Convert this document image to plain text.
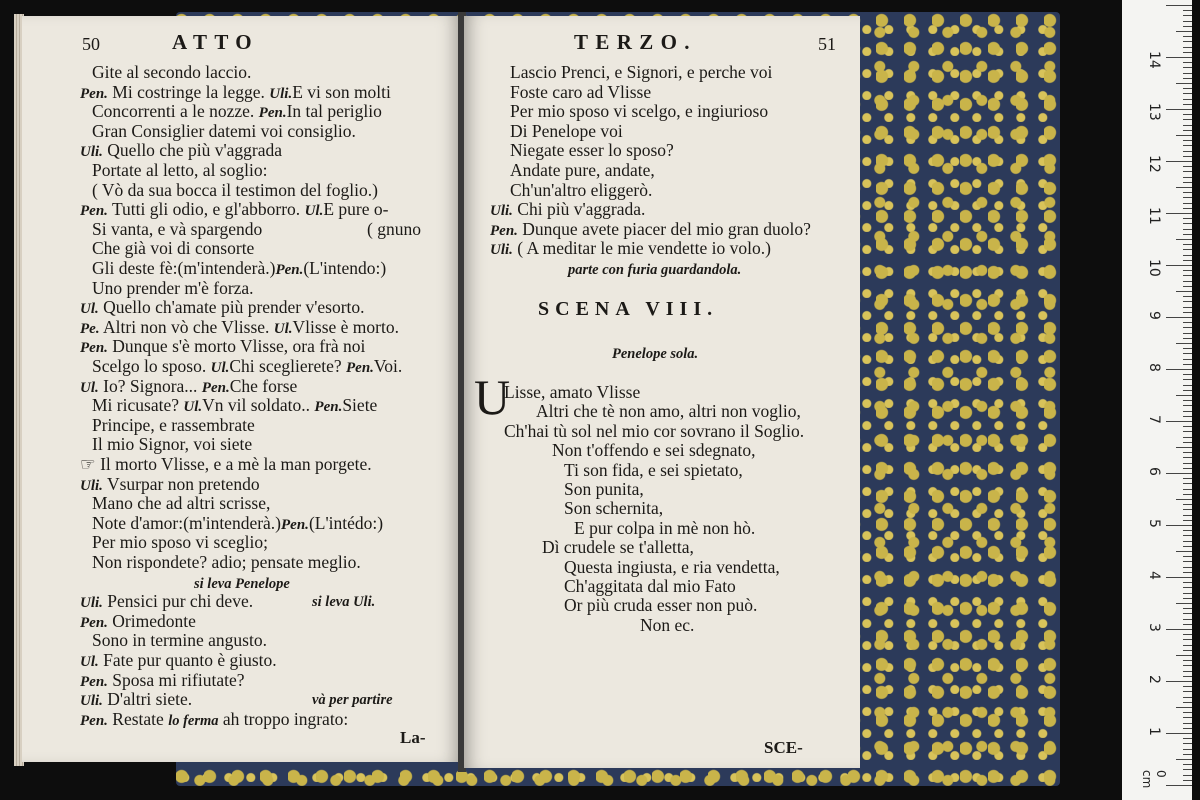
50	ATTO
La-
Gite al secondo laccio.
Pen. Mi costringe la legge. Uli.E vi son molti
Concorrenti a le nozze. Pen.In tal periglio
Gran Consiglier datemi voi consiglio.
Uli. Quello che più v'aggrada
Portate al letto, al soglio:
( Vò da sua bocca il testimon del foglio.)
Pen. Tutti gli odio, e gl'abborro. Ul.E pure o-
Si vanta, e và spargendo	( gnuno
Che già voi di consorte
Gli deste fè:(m'intenderà.)Pen.(L'intendo:)
Uno prender m'è forza.
Ul. Quello ch'amate più prender v'esorto.
Pe. Altri non vò che Vlisse. Ul.Vlisse è morto.
Pen. Dunque s'è morto Vlisse, ora frà noi
Scelgo lo sposo. Ul.Chi sceglierete? Pen.Voi.
Ul. Io? Signora... Pen.Che forse
Mi ricusate? Ul.Vn vil soldato.. Pen.Siete
Principe, e rassembrate
Il mio Signor, voi siete
☞ Il morto Vlisse, e a mè la man porgete.
Uli. Vsurpar non pretendo
Mano che ad altri scrisse,
Note d'amor:(m'intenderà.)Pen.(L'intédo:)
Per mio sposo vi sceglio;
Non rispondete? adio; pensate meglio.
si leva Penelope
Uli. Pensici pur chi deve.	si leva Uli.
Pen. Orimedonte
Sono in termine angusto.
Ul. Fate pur quanto è giusto.
Pen. Sposa mi rifiutate?
Uli. D'altri siete.	và per partire
Pen. Restate lo ferma ah troppo ingrato:
TERZO.	51
SCENA VIII.
Penelope sola.
U
SCE-
Lascio Prenci, e Signori, e perche voi
Foste caro ad Vlisse
Per mio sposo vi scelgo, e ingiurioso
Di Penelope voi
Niegate esser lo sposo?
Andate pure, andate,
Ch'un'altro eliggerò.
Uli. Chi più v'aggrada.
Pen. Dunque avete piacer del mio gran duolo?
Uli. ( A meditar le mie vendette io volo.)
parte con furia guardandola.
Lisse, amato Vlisse
Altri che tè non amo, altri non voglio,
Ch'hai tù sol nel mio cor sovrano il Soglio.
Non t'offendo e sei sdegnato,
Ti son fida, e sei spietato,
Son punita,
Son schernita,
E pur colpa in mè non hò.
Dì crudele se t'alletta,
Questa ingiusta, e ria vendetta,
Ch'aggitata dal mio Fato
Or più cruda esser non può.
Non ec.
0 cm
14
13
12
11
10
9
8
7
6
5
4
3
2
1
